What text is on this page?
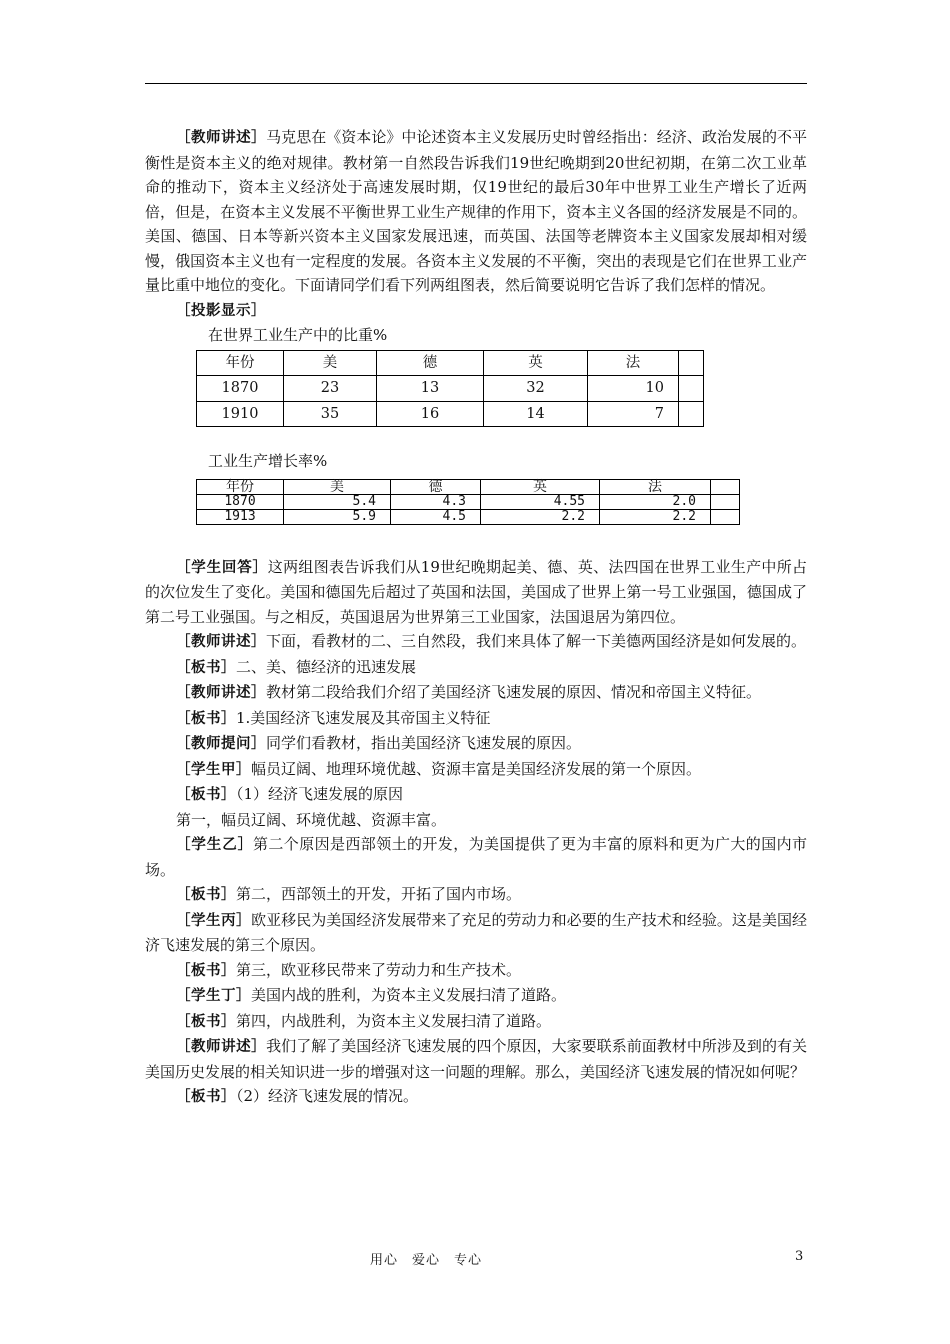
［教师讲述］马克思在《资本论》中论述资本主义发展历史时曾经指出：经济、政治发展的不平衡性是资本主义的绝对规律。教材第一自然段告诉我们19世纪晚期到20世纪初期，在第二次工业革命的推动下，资本主义经济处于高速发展时期，仅19世纪的最后30年中世界工业生产增长了近两倍，但是，在资本主义发展不平衡世界工业生产规律的作用下，资本主义各国的经济发展是不同的。美国、德国、日本等新兴资本主义国家发展迅速，而英国、法国等老牌资本主义国家发展却相对缓慢，俄国资本主义也有一定程度的发展。各资本主义发展的不平衡，突出的表现是它们在世界工业产量比重中地位的变化。下面请同学们看下列两组图表，然后简要说明它告诉了我们怎样的情况。

［投影显示］

在世界工业生产中的比重%

年份	美	德	英	法	
1870	23	13	32	10	
1910	35	16	14	7	

工业生产增长率%

年份	美	德	英	法	
1870	5.4	4.3	4.55	2.0	
1913	5.9	4.5	2.2	2.2	

［学生回答］这两组图表告诉我们从19世纪晚期起美、德、英、法四国在世界工业生产中所占的次位发生了变化。美国和德国先后超过了英国和法国，美国成了世界上第一号工业强国，德国成了第二号工业强国。与之相反，英国退居为世界第三工业国家，法国退居为第四位。

［教师讲述］下面，看教材的二、三自然段，我们来具体了解一下美德两国经济是如何发展的。

［板书］二、美、德经济的迅速发展

［教师讲述］教材第二段给我们介绍了美国经济飞速发展的原因、情况和帝国主义特征。

［板书］1.美国经济飞速发展及其帝国主义特征

［教师提问］同学们看教材，指出美国经济飞速发展的原因。

［学生甲］幅员辽阔、地理环境优越、资源丰富是美国经济发展的第一个原因。

［板书］（1）经济飞速发展的原因

第一，幅员辽阔、环境优越、资源丰富。

［学生乙］第二个原因是西部领土的开发，为美国提供了更为丰富的原料和更为广大的国内市场。

［板书］第二，西部领土的开发，开拓了国内市场。

［学生丙］欧亚移民为美国经济发展带来了充足的劳动力和必要的生产技术和经验。这是美国经济飞速发展的第三个原因。

［板书］第三，欧亚移民带来了劳动力和生产技术。

［学生丁］美国内战的胜利，为资本主义发展扫清了道路。

［板书］第四，内战胜利，为资本主义发展扫清了道路。

［教师讲述］我们了解了美国经济飞速发展的四个原因，大家要联系前面教材中所涉及到的有关美国历史发展的相关知识进一步的增强对这一问题的理解。那么，美国经济飞速发展的情况如何呢？

［板书］（2）经济飞速发展的情况。

用心　爱心　专心	3
